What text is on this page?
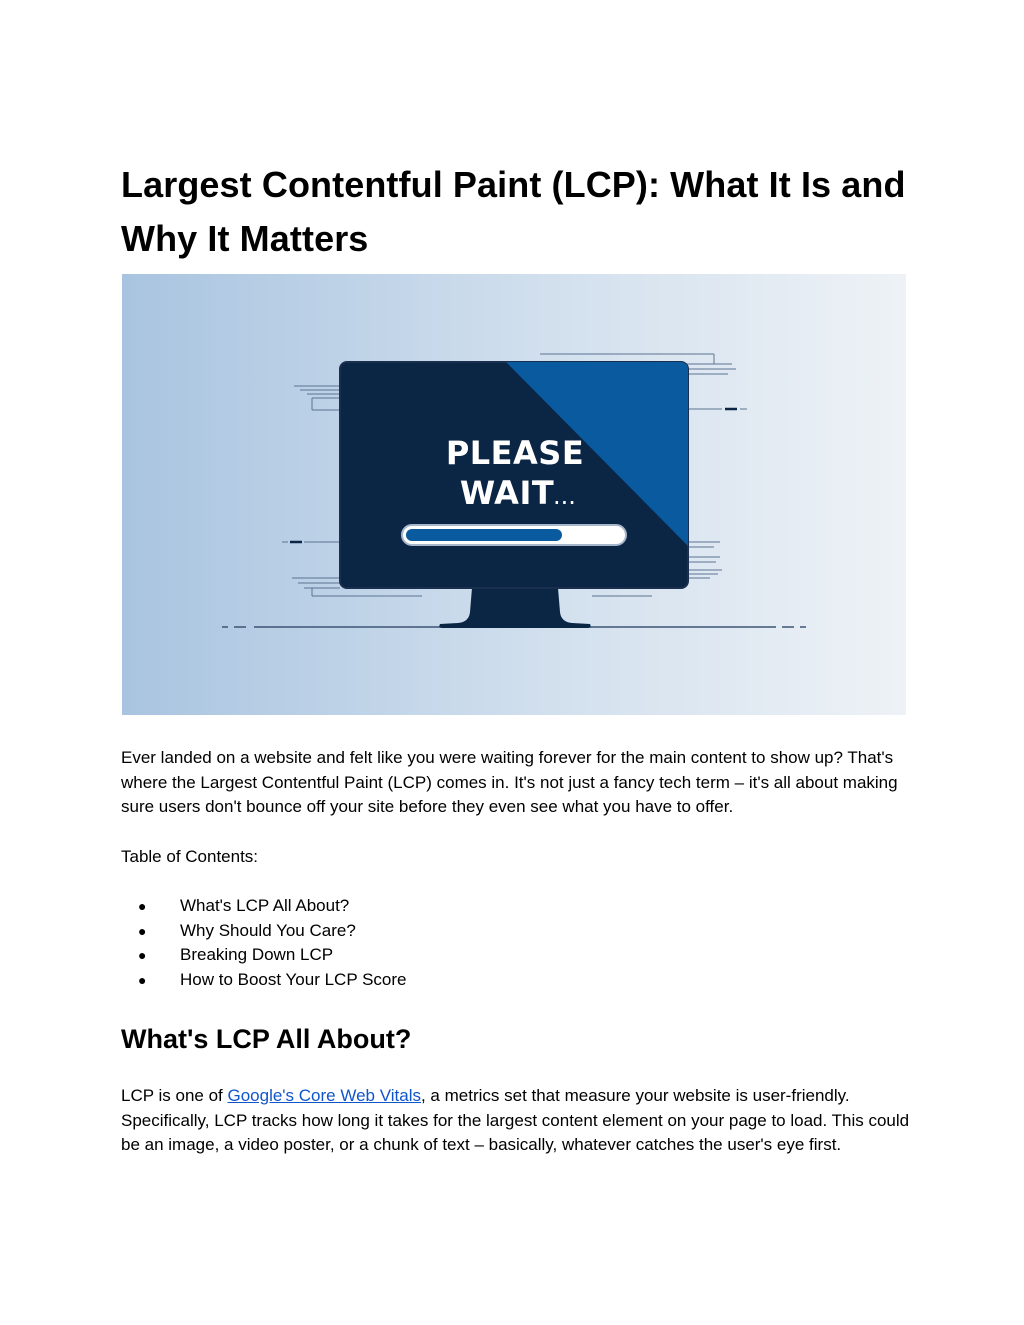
Largest Contentful Paint (LCP): What It Is and Why It Matters
PLEASE
WAIT
...

Ever landed on a website and felt like you were waiting forever for the main content to show up? That's where the Largest Contentful Paint (LCP) comes in. It's not just a fancy tech term – it's all about making sure users don't bounce off your site before they even see what you have to offer.

Table of Contents:

● What's LCP All About?
● Why Should You Care?
● Breaking Down LCP
● How to Boost Your LCP Score
What's LCP All About?

LCP is one of Google's Core Web Vitals, a metrics set that measure your website is user-friendly. Specifically, LCP tracks how long it takes for the largest content element on your page to load. This could be an image, a video poster, or a chunk of text – basically, whatever catches the user's eye first.
